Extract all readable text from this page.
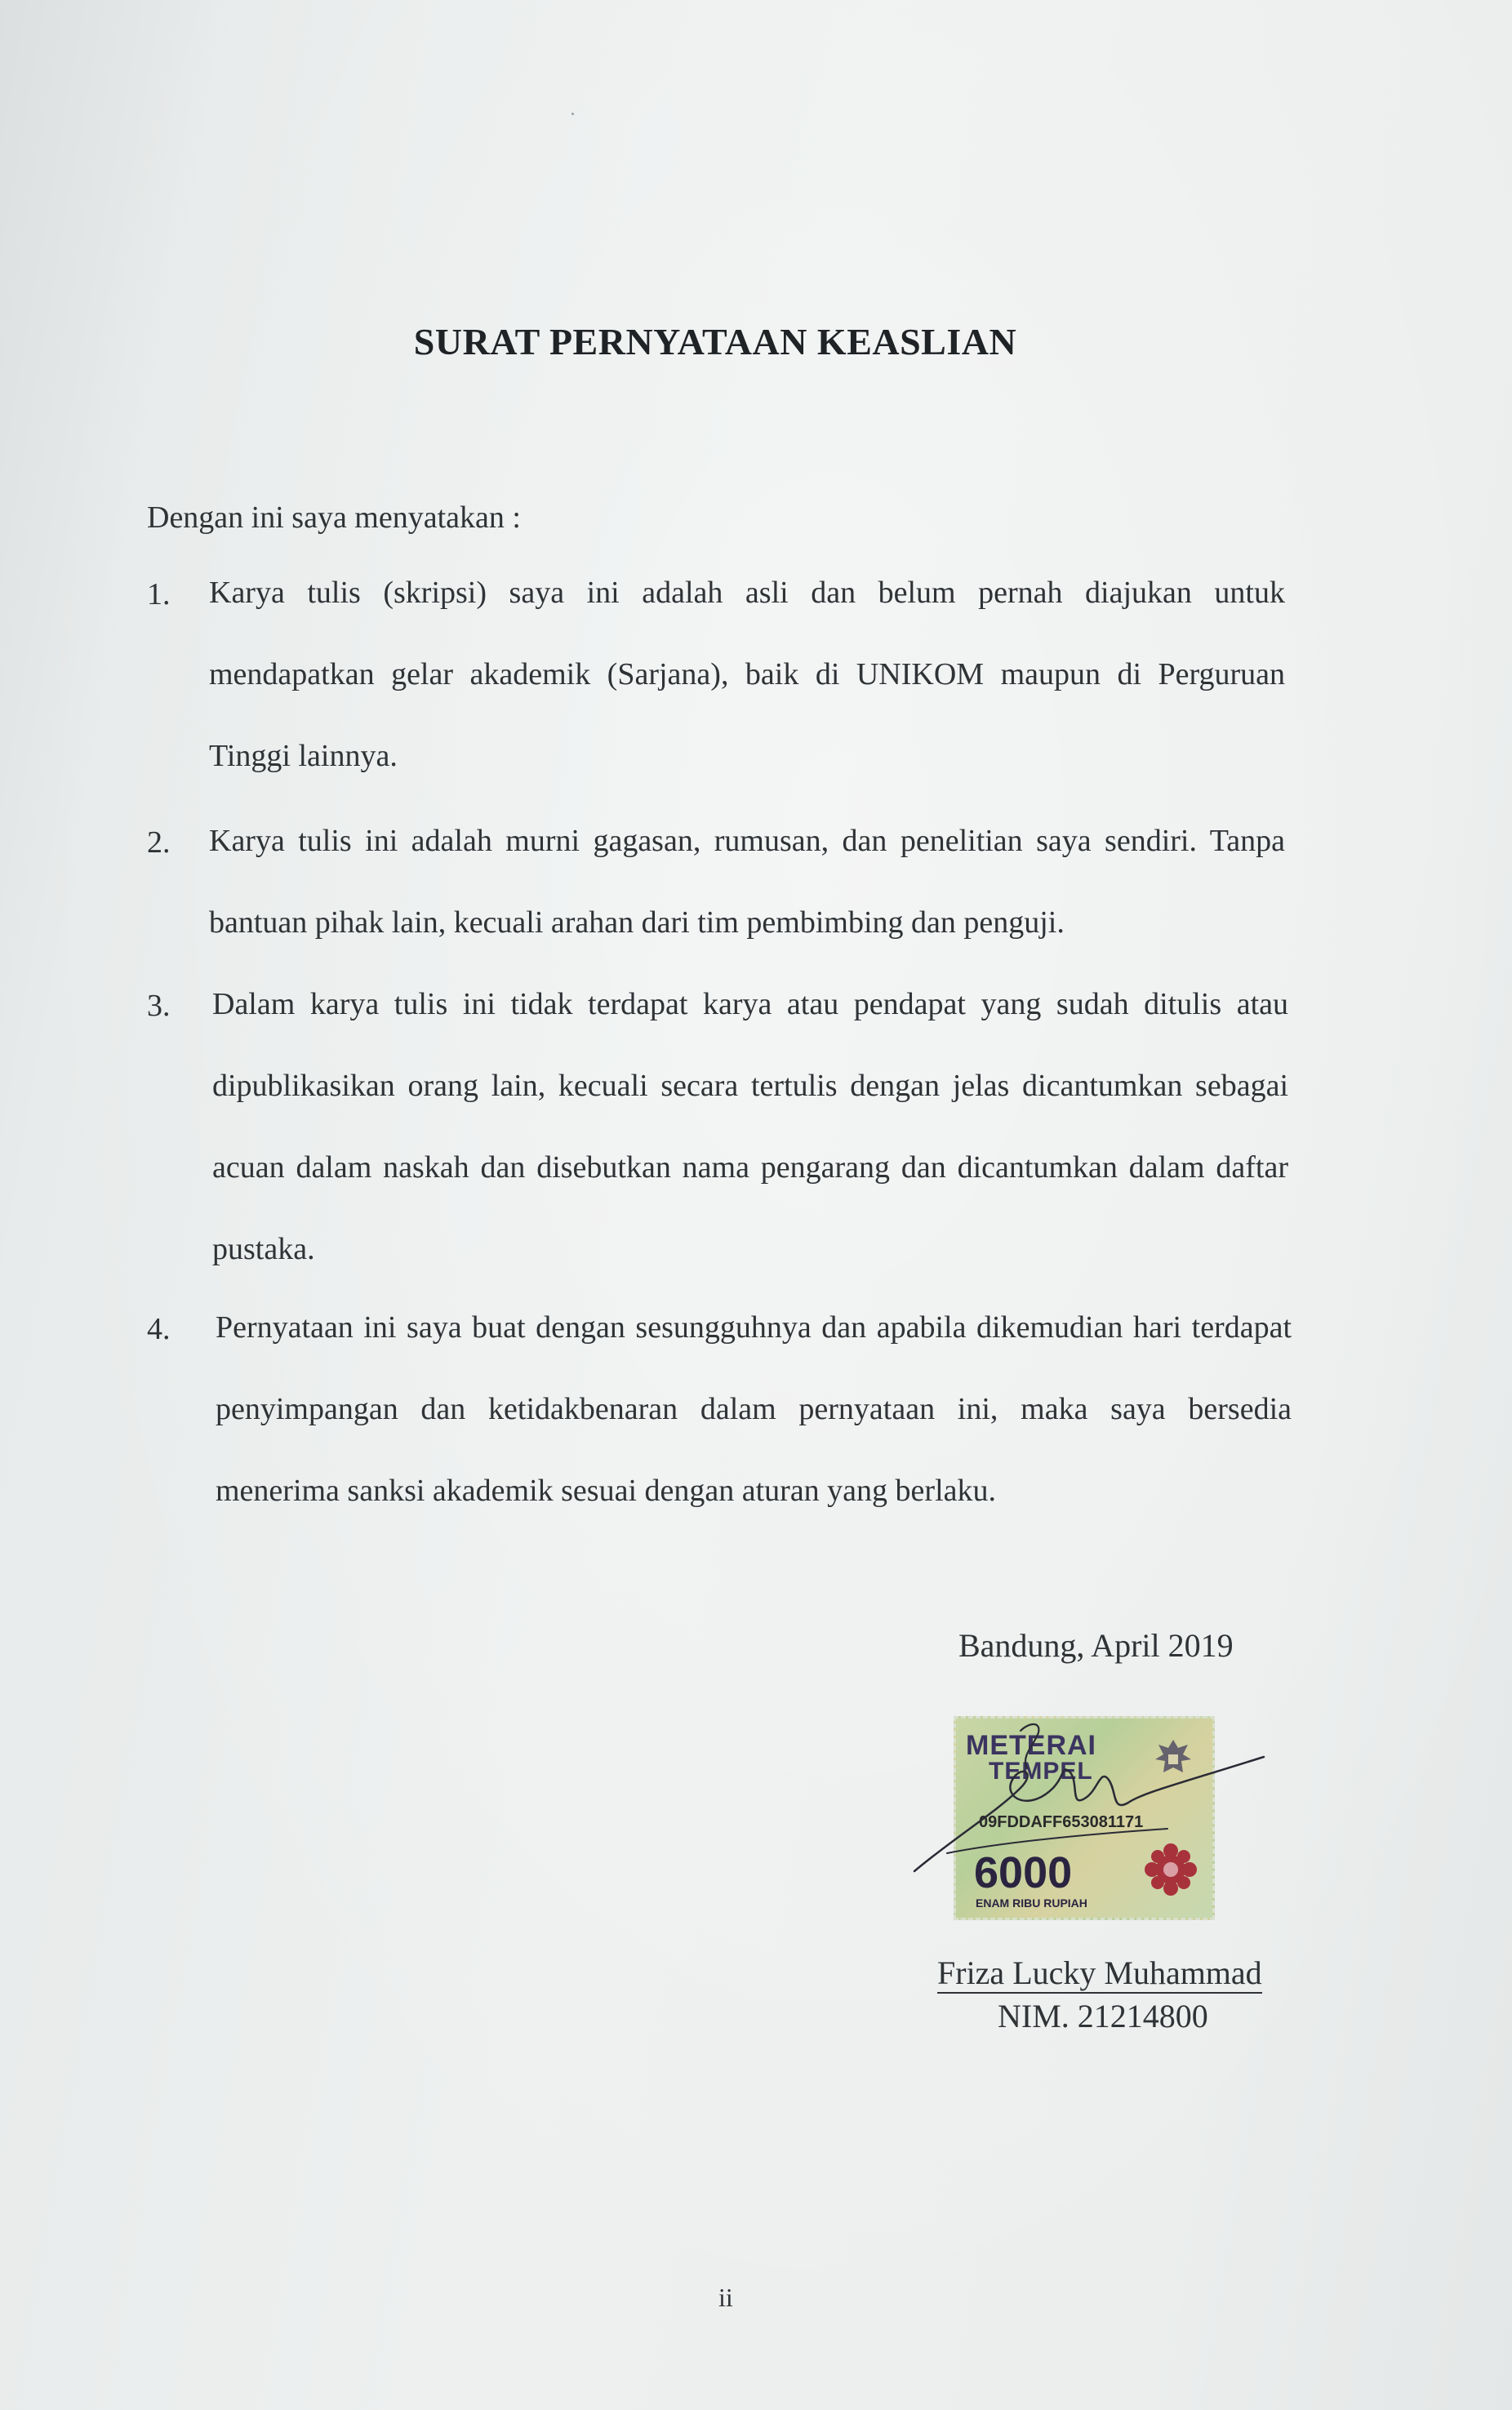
SURAT PERNYATAAN KEASLIAN
Dengan ini saya menyatakan :
1. Karya tulis (skripsi) saya ini adalah asli dan belum pernah diajukan untuk mendapatkan gelar akademik (Sarjana), baik di UNIKOM maupun di Perguruan Tinggi lainnya.
2. Karya tulis ini adalah murni gagasan, rumusan, dan penelitian saya sendiri. Tanpa bantuan pihak lain, kecuali arahan dari tim pembimbing dan penguji.
3. Dalam karya tulis ini tidak terdapat karya atau pendapat yang sudah ditulis atau dipublikasikan orang lain, kecuali secara tertulis dengan jelas dicantumkan sebagai acuan dalam naskah dan disebutkan nama pengarang dan dicantumkan dalam daftar pustaka.
4. Pernyataan ini saya buat dengan sesungguhnya dan apabila dikemudian hari terdapat penyimpangan dan ketidakbenaran dalam pernyataan ini, maka saya bersedia menerima sanksi akademik sesuai dengan aturan yang berlaku.
Bandung, April 2019
METERAI
TEMPEL
09FDDAFF653081171
6000
ENAM RIBU RUPIAH
Friza Lucky Muhammad
NIM. 21214800
ii
